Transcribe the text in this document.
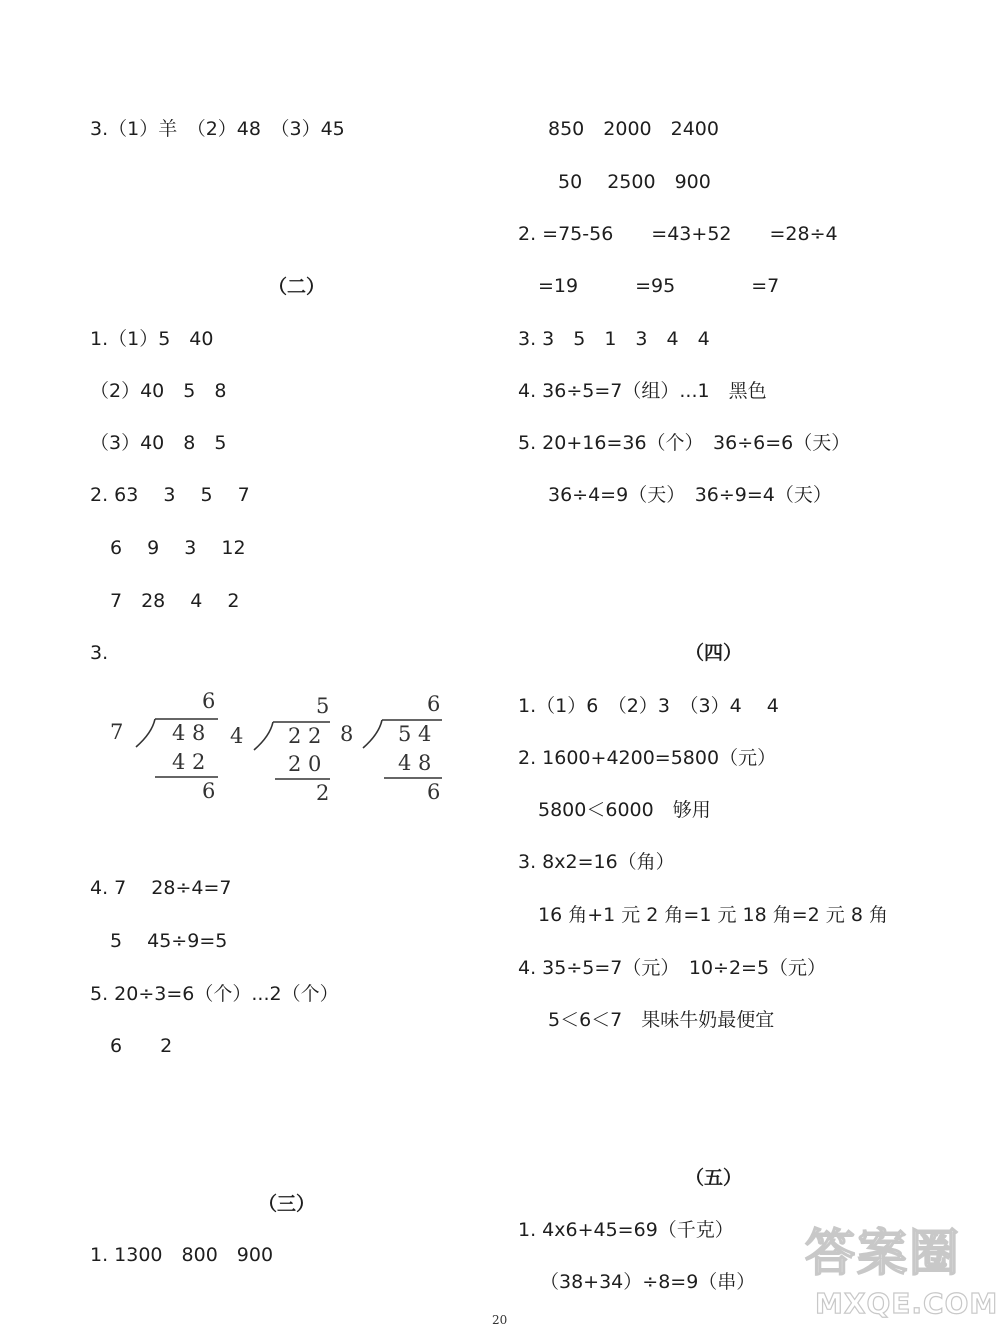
3.（1）羊　（2）48　（3）45
（二）
1.（1）5　40
（2）40　5　8
（3）40　8　5
2. 63　 3 　5　 7
6　 9 　3　 12
7　28　 4　 2
3.
7
6
4 8
4 2
6
4
5
2 2
2 0
2
8
6
5 4
4 8
6
4. 7　 28÷4=7
5　 45÷9=5
5. 20÷3=6（个）...2（个）
6　　2
（三）
1. 1300　800　900
850　2000　2400
50　 2500　900
2. =75-56　　=43+52　　=28÷4
=19　　　=95　　　　=7
3. 3　5　1　3　4　4
4. 36÷5=7（组）...1　黑色
5. 20+16=36（个）　36÷6=6（天）
36÷4=9（天）　36÷9=4（天）
（四）
1.（1）6　（2）3　（3）4　 4
2. 1600+4200=5800（元）
5800＜6000　够用
3. 8x2=16（角）
16 角+1 元 2 角=1 元 18 角=2 元 8 角
4. 35÷5=7（元）　10÷2=5（元）
5＜6＜7　果味牛奶最便宜
（五）
1. 4x6+45=69（千克）
（38+34）÷8=9（串）
20
答案圈
MXQE.COM
